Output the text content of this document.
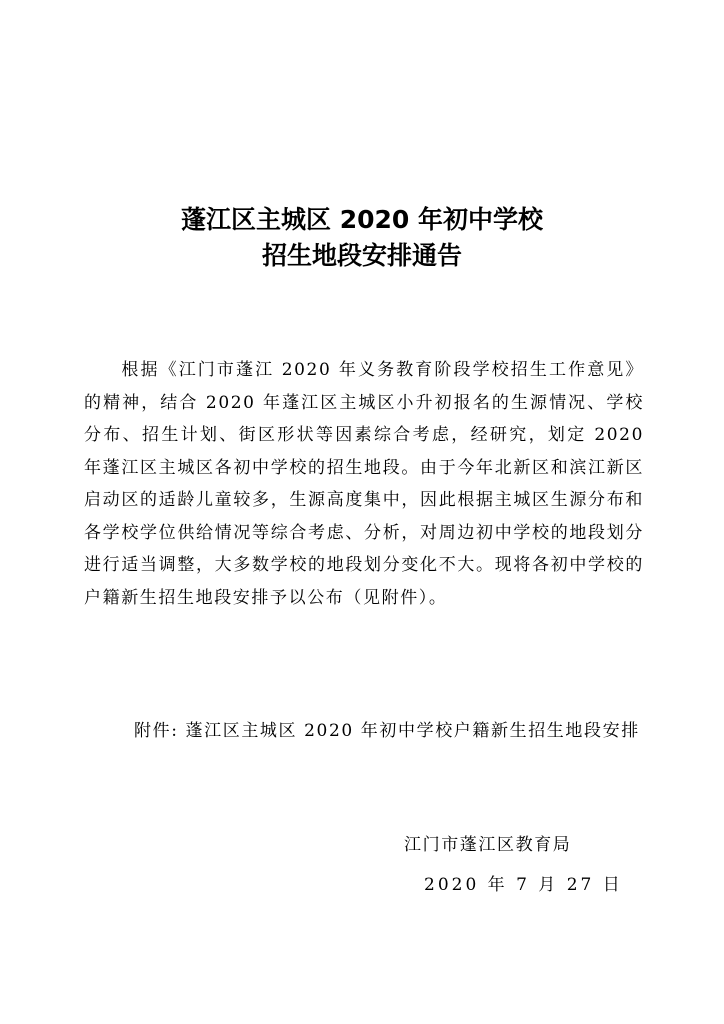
蓬江区主城区 2020 年初中学校
招生地段安排通告
根据《江门市蓬江 2020 年义务教育阶段学校招生工作意见》的精神，结合 2020 年蓬江区主城区小升初报名的生源情况、学校分布、招生计划、街区形状等因素综合考虑，经研究，划定 2020 年蓬江区主城区各初中学校的招生地段。由于今年北新区和滨江新区启动区的适龄儿童较多，生源高度集中，因此根据主城区生源分布和各学校学位供给情况等综合考虑、分析，对周边初中学校的地段划分进行适当调整，大多数学校的地段划分变化不大。现将各初中学校的户籍新生招生地段安排予以公布（见附件）。
附件: 蓬江区主城区 2020 年初中学校户籍新生招生地段安排
江门市蓬江区教育局
2020 年 7 月 27 日
